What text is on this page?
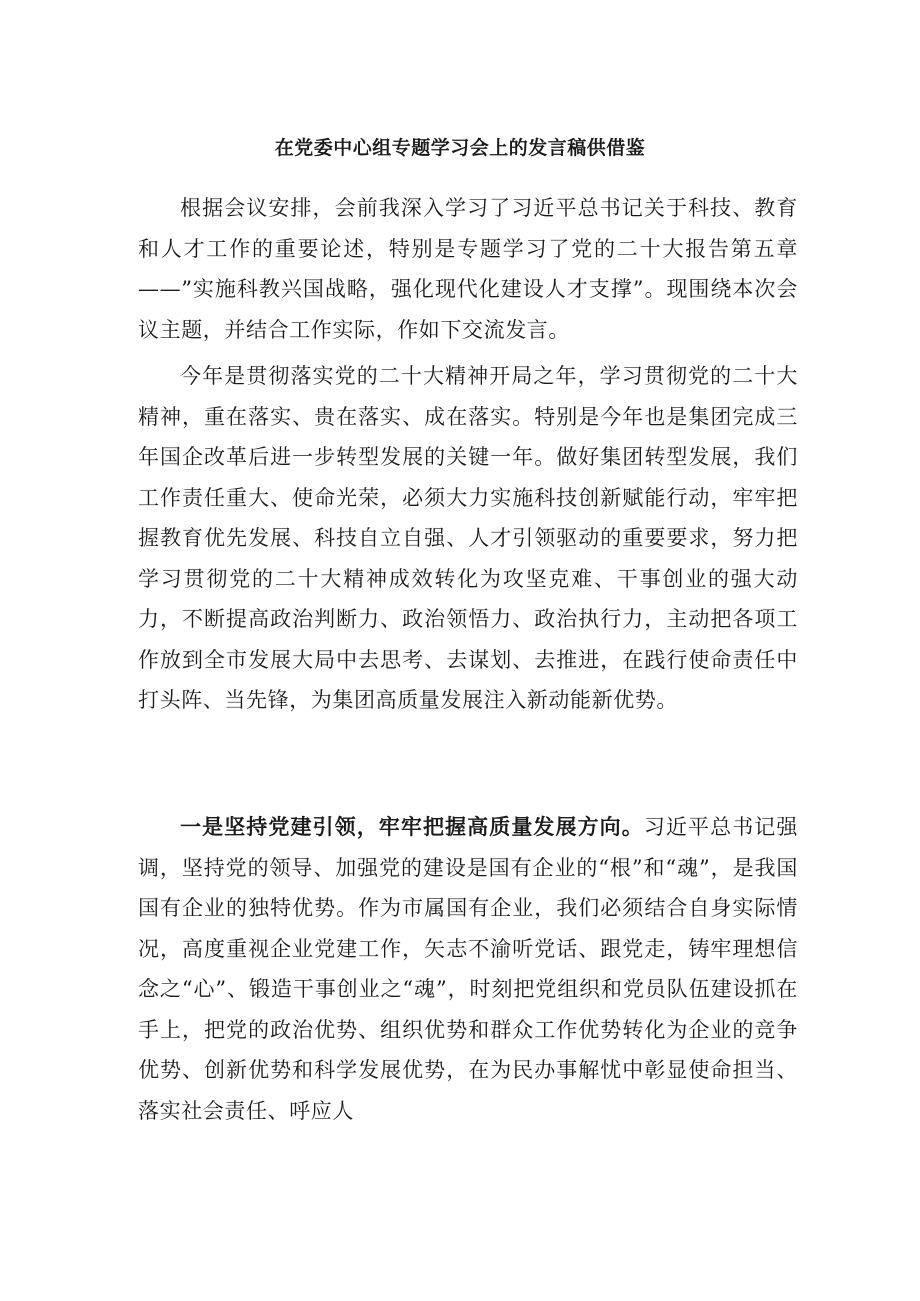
在党委中心组专题学习会上的发言稿供借鉴

根据会议安排，会前我深入学习了习近平总书记关于科技、教育和人才工作的重要论述，特别是专题学习了党的二十大报告第五章——”实施科教兴国战略，强化现代化建设人才支撑”。现围绕本次会议主题，并结合工作实际，作如下交流发言。

今年是贯彻落实党的二十大精神开局之年，学习贯彻党的二十大精神，重在落实、贵在落实、成在落实。特别是今年也是集团完成三年国企改革后进一步转型发展的关键一年。做好集团转型发展，我们工作责任重大、使命光荣，必须大力实施科技创新赋能行动，牢牢把握教育优先发展、科技自立自强、人才引领驱动的重要要求，努力把学习贯彻党的二十大精神成效转化为攻坚克难、干事创业的强大动力，不断提高政治判断力、政治领悟力、政治执行力，主动把各项工作放到全市发展大局中去思考、去谋划、去推进，在践行使命责任中打头阵、当先锋，为集团高质量发展注入新动能新优势。

一是坚持党建引领，牢牢把握高质量发展方向。习近平总书记强调，坚持党的领导、加强党的建设是国有企业的“根”和“魂”，是我国国有企业的独特优势。作为市属国有企业，我们必须结合自身实际情况，高度重视企业党建工作，矢志不渝听党话、跟党走，铸牢理想信念之“心”、锻造干事创业之“魂”，时刻把党组织和党员队伍建设抓在手上，把党的政治优势、组织优势和群众工作优势转化为企业的竞争优势、创新优势和科学发展优势，在为民办事解忧中彰显使命担当、落实社会责任、呼应人
